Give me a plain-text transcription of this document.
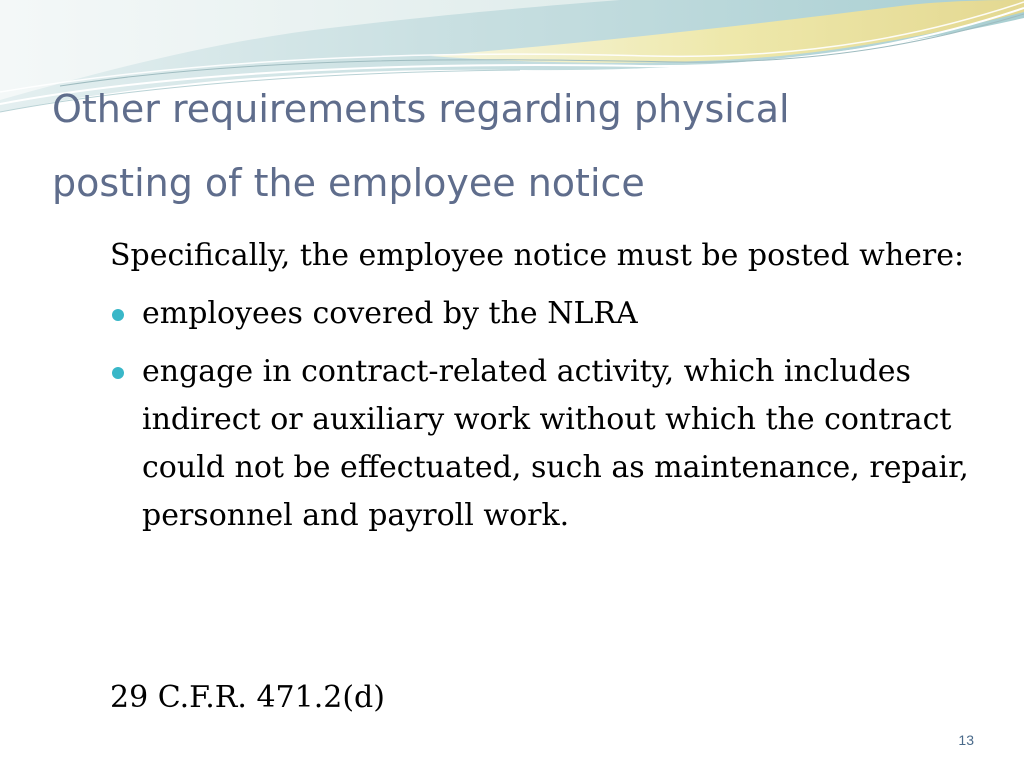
Other requirements regarding physical
posting of the employee notice

Specifically, the employee notice must be posted where:

employees covered by the NLRA
engage in contract-related activity, which includes indirect or auxiliary work without which the contract could not be effectuated, such as maintenance, repair, personnel and payroll work.

29 C.F.R. 471.2(d)

13
